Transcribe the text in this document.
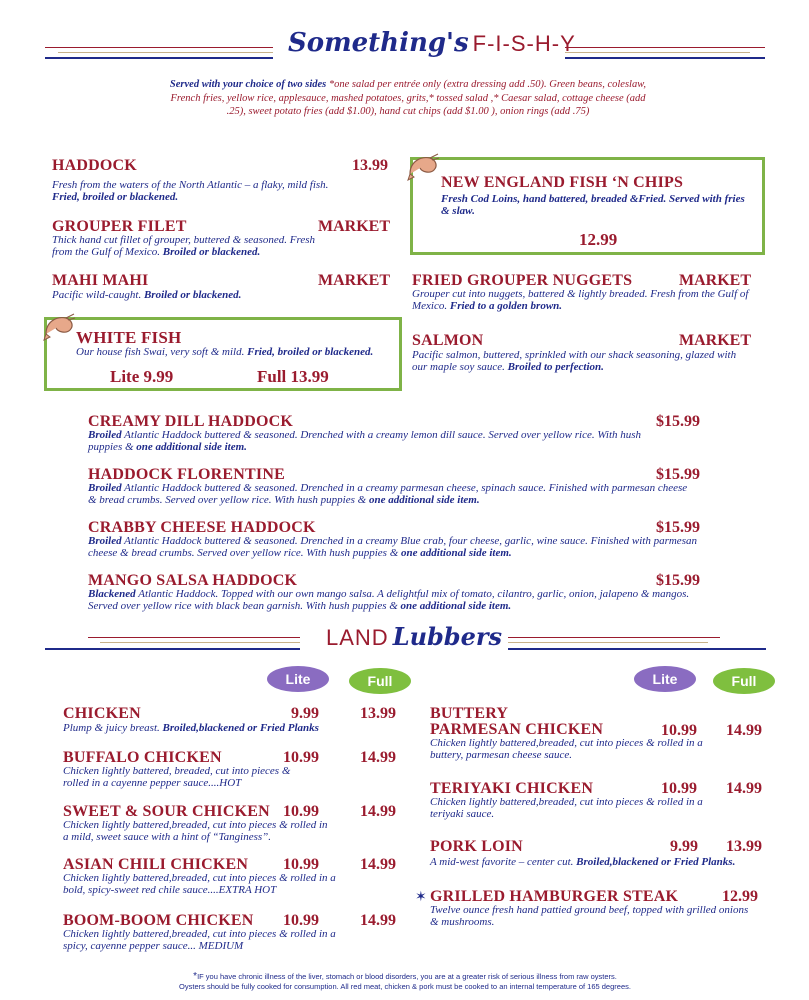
Something's F-I-S-H-Y
Served with your choice of two sides *one salad per entrée only (extra dressing add .50). Green beans, coleslaw, French fries, yellow rice, applesauce, mashed potatoes, grits,* tossed salad ,* Caesar salad, cottage cheese (add .25), sweet potato fries (add $1.00), hand cut chips (add $1.00 ), onion rings (add .75)
HADDOCK	13.99
Fresh from the waters of the North Atlantic – a flaky, mild fish.
Fried, broiled or blackened.
GROUPER FILET	MARKET
Thick hand cut fillet of grouper, buttered & seasoned. Fresh from the Gulf of Mexico. Broiled or blackened.
MAHI MAHI	MARKET
Pacific wild-caught. Broiled or blackened.
WHITE FISH
Our house fish Swai, very soft & mild. Fried, broiled or blackened.
Lite 9.99	Full 13.99
NEW ENGLAND FISH ‘N CHIPS
Fresh Cod Loins, hand battered, breaded &Fried. Served with fries & slaw.
12.99
FRIED GROUPER NUGGETS	MARKET
Grouper cut into nuggets, battered & lightly breaded. Fresh from the Gulf of Mexico. Fried to a golden brown.
SALMON	MARKET
Pacific salmon, buttered, sprinkled with our shack seasoning, glazed with our maple soy sauce. Broiled to perfection.
CREAMY DILL HADDOCK	$15.99
Broiled Atlantic Haddock buttered & seasoned. Drenched with a creamy lemon dill sauce. Served over yellow rice. With hush puppies & one additional side item.
HADDOCK FLORENTINE	$15.99
Broiled Atlantic Haddock buttered & seasoned. Drenched in a creamy parmesan cheese, spinach sauce. Finished with parmesan cheese & bread crumbs. Served over yellow rice. With hush puppies & one additional side item.
CRABBY CHEESE HADDOCK	$15.99
Broiled Atlantic Haddock buttered & seasoned. Drenched in a creamy Blue crab, four cheese, garlic, wine sauce. Finished with parmesan cheese & bread crumbs. Served over yellow rice. With hush puppies & one additional side item.
MANGO SALSA HADDOCK	$15.99
Blackened Atlantic Haddock. Topped with our own mango salsa. A delightful mix of tomato, cilantro, garlic, onion, jalapeno & mangos. Served over yellow rice with black bean garnish. With hush puppies & one additional side item.
LAND Lubbers
Lite	Full	Lite	Full
CHICKEN	9.99	13.99
Plump & juicy breast. Broiled,blackened or Fried Planks
BUFFALO CHICKEN	10.99	14.99
Chicken lightly battered, breaded, cut into pieces & rolled in a cayenne pepper sauce....HOT
SWEET & SOUR CHICKEN 10.99	14.99
Chicken lightly battered,breaded, cut into pieces & rolled in a mild, sweet sauce with a hint of “Tanginess”.
ASIAN CHILI CHICKEN 10.99	14.99
Chicken lightly battered,breaded, cut into pieces & rolled in a bold, spicy-sweet red chile sauce....EXTRA HOT
BOOM-BOOM CHICKEN 10.99	14.99
Chicken lightly battered,breaded, cut into pieces & rolled in a spicy, cayenne pepper sauce... MEDIUM
BUTTERY
PARMESAN CHICKEN	10.99 14.99
Chicken lightly battered,breaded, cut into pieces & rolled in a buttery, parmesan cheese sauce.
TERIYAKI CHICKEN	10.99 14.99
Chicken lightly battered,breaded, cut into pieces & rolled in a teriyaki sauce.
PORK LOIN	9.99 13.99
A mid-west favorite – center cut. Broiled,blackened or Fried Planks.
✶ GRILLED HAMBURGER STEAK	12.99
Twelve ounce fresh hand pattied ground beef, topped with grilled onions & mushrooms.
*IF you have chronic illness of the liver, stomach or blood disorders, you are at a greater risk of serious illness from raw oysters.
Oysters should be fully cooked for consumption. All red meat, chicken & pork must be cooked to an internal temperature of 165 degrees.
